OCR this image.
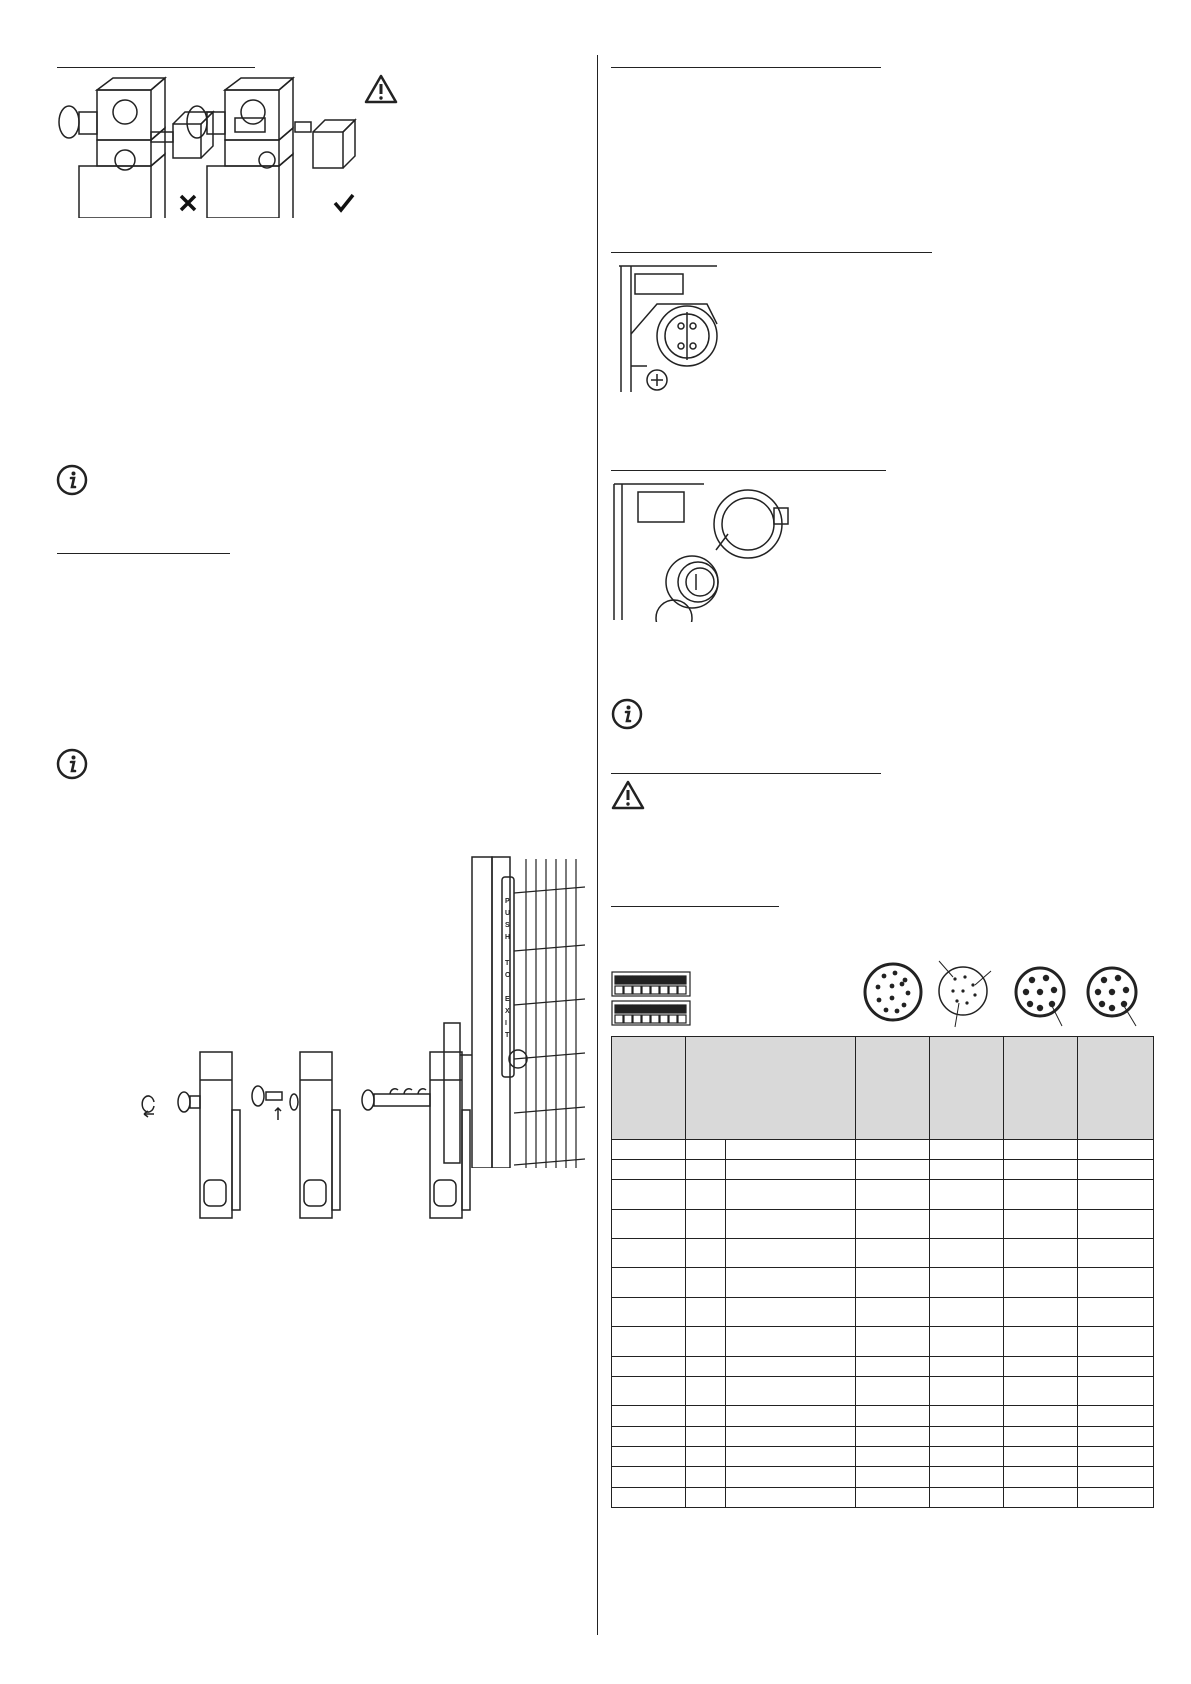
P
U
S
H
T
O
E
X
I
T
